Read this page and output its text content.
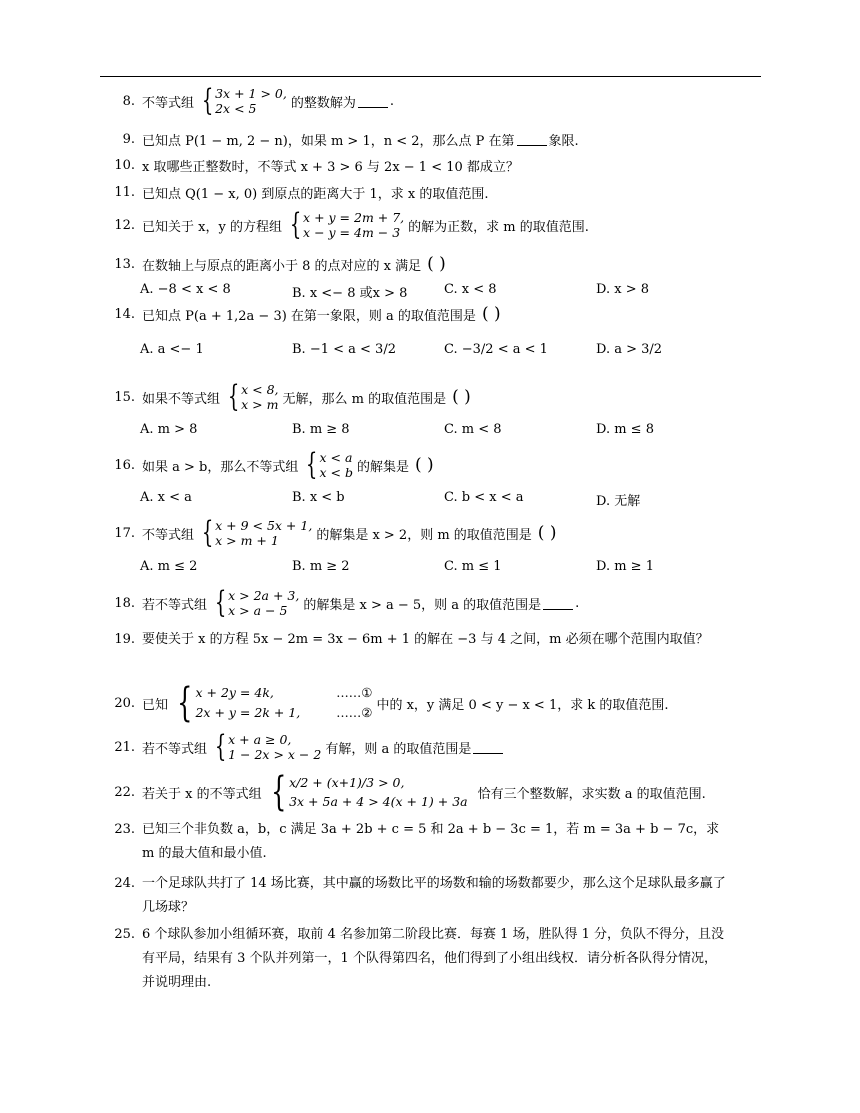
8. 不等式组 { 3x + 1 > 0,
2x < 5	的整数解为	.
9. 已知点 P(1 − m, 2 − n)，如果 m > 1，n < 2，那么点 P 在第	象限.
10. x 取哪些正整数时，不等式 x + 3 > 6 与 2x − 1 < 10 都成立？
11. 已知点 Q(1 − x, 0) 到原点的距离大于 1，求 x 的取值范围.
12. 已知关于 x，y 的方程组 { x + y = 2m + 7,
x − y = 4m − 3 的解为正数，求 m 的取值范围.
13. 在数轴上与原点的距离小于 8 的点对应的 x 满足 ( )
A. −8 < x < 8	B. x <− 8 或x > 8	C. x < 8	D. x > 8
14. 已知点 P(a + 1,2a − 3) 在第一象限，则 a 的取值范围是 ( )
A. a <− 1	B. −1 < a < 3/2	C. −3/2 < a < 1	D. a > 3/2
15. 如果不等式组 { x < 8,
x > m 无解，那么 m 的取值范围是 ( )
A. m > 8	B. m ≥ 8	C. m < 8	D. m ≤ 8
16. 如果 a > b，那么不等式组 { x < a
x < b 的解集是 ( )
A. x < a	B. x < b	C. b < x < a	D. 无解
17. 不等式组 { x + 9 < 5x + 1,
x > m + 1	的解集是 x > 2，则 m 的取值范围是 ( )
A. m ≤ 2	B. m ≥ 2	C. m ≤ 1	D. m ≥ 1
18. 若不等式组 { x > 2a + 3,
x > a − 5	的解集是 x > a − 5，则 a 的取值范围是	.
19. 要使关于 x 的方程 5x − 2m = 3x − 6m + 1 的解在 −3 与 4 之间，m 必须在哪个范围内取值？
20. 已知 { x + 2y = 4k,
2x + y = 2k + 1,
……①
……② 中的 x，y 满足 0 < y − x < 1，求 k 的取值范围.
21. 若不等式组 { x + a ≥ 0,
1 − 2x > x − 2 有解，则 a 的取值范围是
22. 若关于 x 的不等式组 { x/2 + (x+1)/3 > 0,
3x + 5a + 4 > 4(x + 1) + 3a 恰有三个整数解，求实数 a 的取值范围.
23. 已知三个非负数 a，b，c 满足 3a + 2b + c = 5 和 2a + b − 3c = 1，若 m = 3a + b − 7c，求 m 的最大值和最小值.
24. 一个足球队共打了 14 场比赛，其中赢的场数比平的场数和输的场数都要少，那么这个足球队最多赢了几场球？
25. 6 个球队参加小组循环赛，取前 4 名参加第二阶段比赛．每赛 1 场，胜队得 1 分，负队不得分，且没有平局，结果有 3 个队并列第一，1 个队得第四名，他们得到了小组出线权．请分析各队得分情况，并说明理由.
